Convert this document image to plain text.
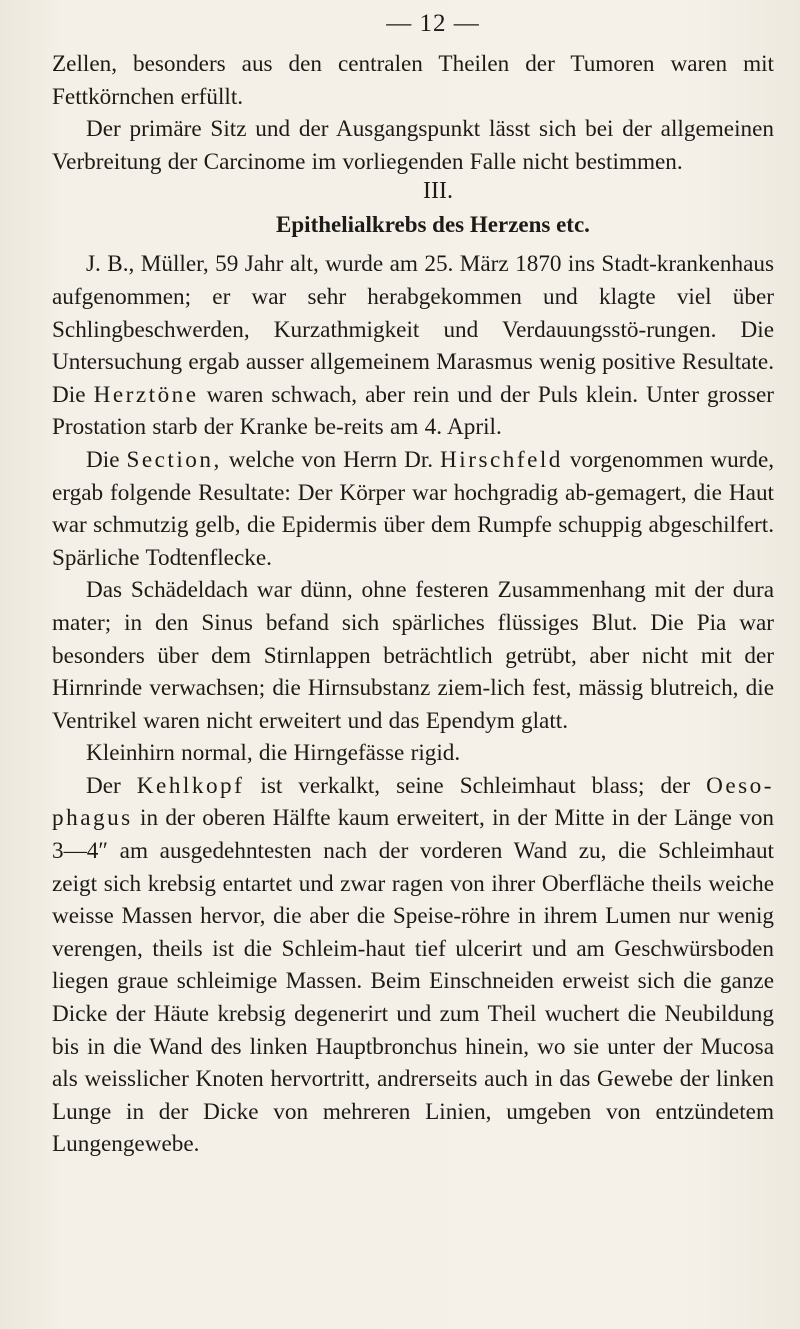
— 12 —

Zellen, besonders aus den centralen Theilen der Tumoren waren mit Fettkörnchen erfüllt.

Der primäre Sitz und der Ausgangspunkt lässt sich bei der allgemeinen Verbreitung der Carcinome im vorliegenden Falle nicht bestimmen.

III.
Epithelialkrebs des Herzens etc.

J. B., Müller, 59 Jahr alt, wurde am 25. März 1870 ins Stadt-krankenhaus aufgenommen; er war sehr herabgekommen und klagte viel über Schlingbeschwerden, Kurzathmigkeit und Verdauungsstö-rungen. Die Untersuchung ergab ausser allgemeinem Marasmus wenig positive Resultate. Die Herztöne waren schwach, aber rein und der Puls klein. Unter grosser Prostation starb der Kranke be-reits am 4. April.

Die Section, welche von Herrn Dr. Hirschfeld vorgenommen wurde, ergab folgende Resultate: Der Körper war hochgradig ab-gemagert, die Haut war schmutzig gelb, die Epidermis über dem Rumpfe schuppig abgeschilfert. Spärliche Todtenflecke.

Das Schädeldach war dünn, ohne festeren Zusammenhang mit der dura mater; in den Sinus befand sich spärliches flüssiges Blut. Die Pia war besonders über dem Stirnlappen beträchtlich getrübt, aber nicht mit der Hirnrinde verwachsen; die Hirnsubstanz ziem-lich fest, mässig blutreich, die Ventrikel waren nicht erweitert und das Ependym glatt.

Kleinhirn normal, die Hirngefässe rigid.

Der Kehlkopf ist verkalkt, seine Schleimhaut blass; der Oeso-phagus in der oberen Hälfte kaum erweitert, in der Mitte in der Länge von 3—4″ am ausgedehntesten nach der vorderen Wand zu, die Schleimhaut zeigt sich krebsig entartet und zwar ragen von ihrer Oberfläche theils weiche weisse Massen hervor, die aber die Speise-röhre in ihrem Lumen nur wenig verengen, theils ist die Schleim-haut tief ulcerirt und am Geschwürsboden liegen graue schleimige Massen. Beim Einschneiden erweist sich die ganze Dicke der Häute krebsig degenerirt und zum Theil wuchert die Neubildung bis in die Wand des linken Hauptbronchus hinein, wo sie unter der Mucosa als weisslicher Knoten hervortritt, andrerseits auch in das Gewebe der linken Lunge in der Dicke von mehreren Linien, umgeben von entzündetem Lungengewebe.
